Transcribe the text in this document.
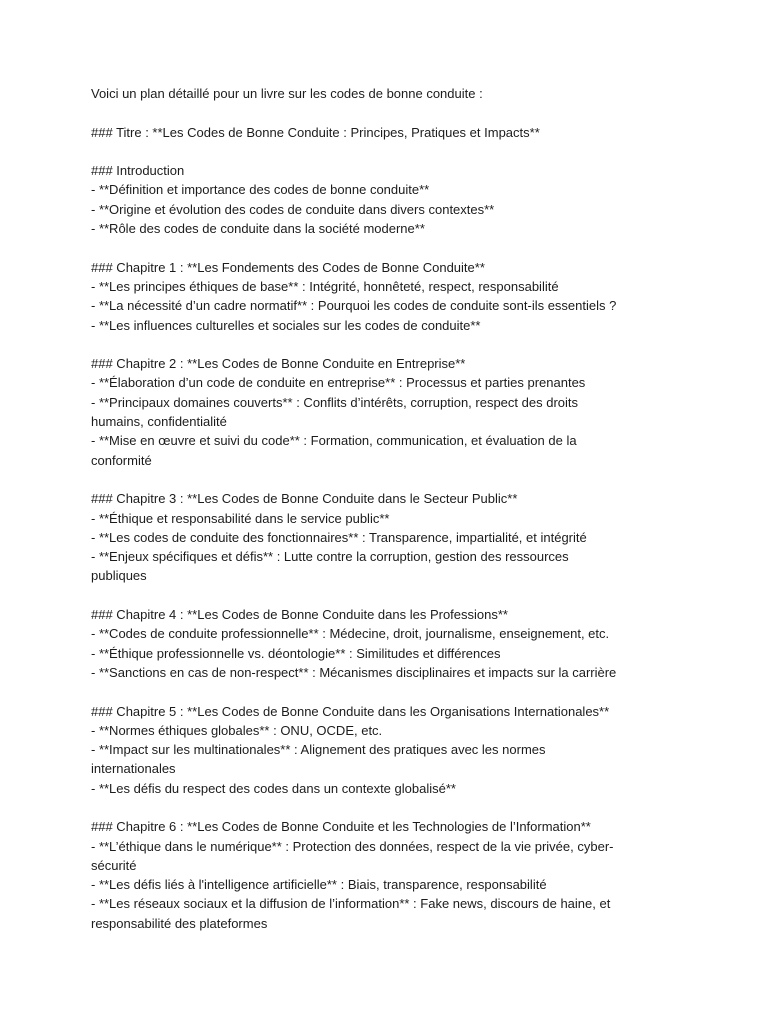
Voici un plan détaillé pour un livre sur les codes de bonne conduite :
### Titre : **Les Codes de Bonne Conduite : Principes, Pratiques et Impacts**
### Introduction
- **Définition et importance des codes de bonne conduite**
- **Origine et évolution des codes de conduite dans divers contextes**
- **Rôle des codes de conduite dans la société moderne**
### Chapitre 1 : **Les Fondements des Codes de Bonne Conduite**
- **Les principes éthiques de base** : Intégrité, honnêteté, respect, responsabilité
- **La nécessité d’un cadre normatif** : Pourquoi les codes de conduite sont-ils essentiels ?
- **Les influences culturelles et sociales sur les codes de conduite**
### Chapitre 2 : **Les Codes de Bonne Conduite en Entreprise**
- **Élaboration d’un code de conduite en entreprise** : Processus et parties prenantes
- **Principaux domaines couverts** : Conflits d’intérêts, corruption, respect des droits
humains, confidentialité
- **Mise en œuvre et suivi du code** : Formation, communication, et évaluation de la
conformité
### Chapitre 3 : **Les Codes de Bonne Conduite dans le Secteur Public**
- **Éthique et responsabilité dans le service public**
- **Les codes de conduite des fonctionnaires** : Transparence, impartialité, et intégrité
- **Enjeux spécifiques et défis** : Lutte contre la corruption, gestion des ressources
publiques
### Chapitre 4 : **Les Codes de Bonne Conduite dans les Professions**
- **Codes de conduite professionnelle** : Médecine, droit, journalisme, enseignement, etc.
- **Éthique professionnelle vs. déontologie** : Similitudes et différences
- **Sanctions en cas de non-respect** : Mécanismes disciplinaires et impacts sur la carrière
### Chapitre 5 : **Les Codes de Bonne Conduite dans les Organisations Internationales**
- **Normes éthiques globales** : ONU, OCDE, etc.
- **Impact sur les multinationales** : Alignement des pratiques avec les normes
internationales
- **Les défis du respect des codes dans un contexte globalisé**
### Chapitre 6 : **Les Codes de Bonne Conduite et les Technologies de l’Information**
- **L’éthique dans le numérique** : Protection des données, respect de la vie privée, cyber-
sécurité
- **Les défis liés à l'intelligence artificielle** : Biais, transparence, responsabilité
- **Les réseaux sociaux et la diffusion de l’information** : Fake news, discours de haine, et
responsabilité des plateformes
